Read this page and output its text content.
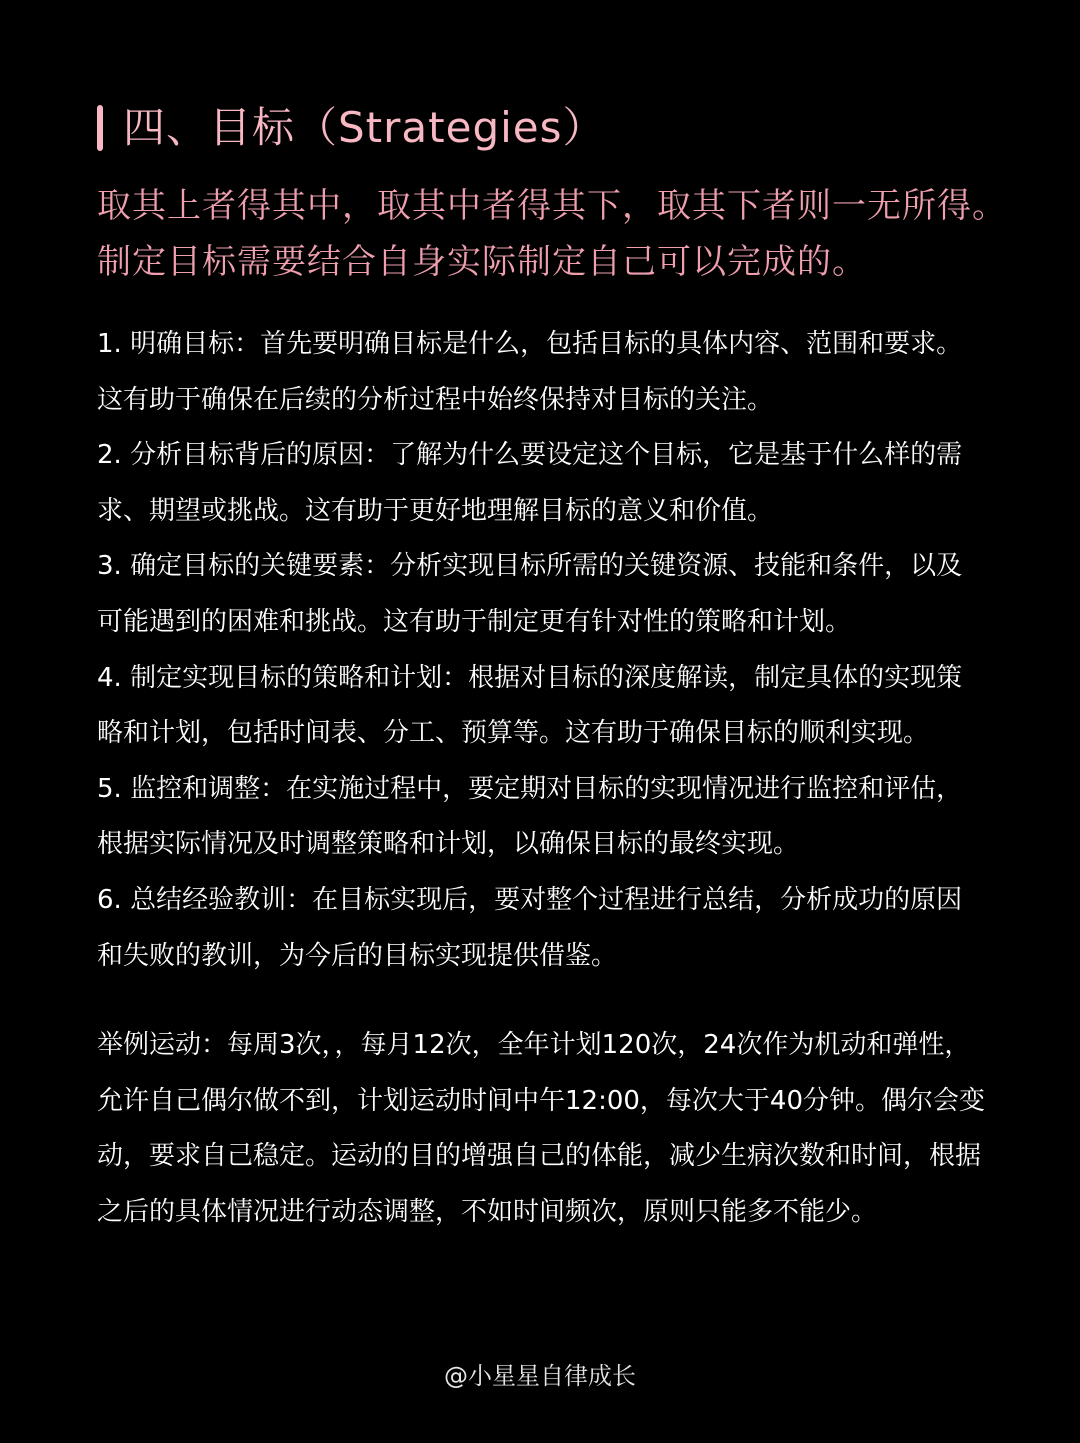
四、目标（Strategies）
取其上者得其中，取其中者得其下，取其下者则一无所得。
制定目标需要结合自身实际制定自己可以完成的。
1. 明确目标：首先要明确目标是什么，包括目标的具体内容、范围和要求。
这有助于确保在后续的分析过程中始终保持对目标的关注。
2. 分析目标背后的原因：了解为什么要设定这个目标，它是基于什么样的需
求、期望或挑战。这有助于更好地理解目标的意义和价值。
3. 确定目标的关键要素：分析实现目标所需的关键资源、技能和条件，以及
可能遇到的困难和挑战。这有助于制定更有针对性的策略和计划。
4. 制定实现目标的策略和计划：根据对目标的深度解读，制定具体的实现策
略和计划，包括时间表、分工、预算等。这有助于确保目标的顺利实现。
5. 监控和调整：在实施过程中，要定期对目标的实现情况进行监控和评估，
根据实际情况及时调整策略和计划，以确保目标的最终实现。
6. 总结经验教训：在目标实现后，要对整个过程进行总结，分析成功的原因
和失败的教训，为今后的目标实现提供借鉴。
举例运动：每周3次，，每月12次，全年计划120次，24次作为机动和弹性，
允许自己偶尔做不到，计划运动时间中午12:00，每次大于40分钟。偶尔会变
动，要求自己稳定。运动的目的增强自己的体能，减少生病次数和时间，根据
之后的具体情况进行动态调整，不如时间频次，原则只能多不能少。
@小星星自律成长
